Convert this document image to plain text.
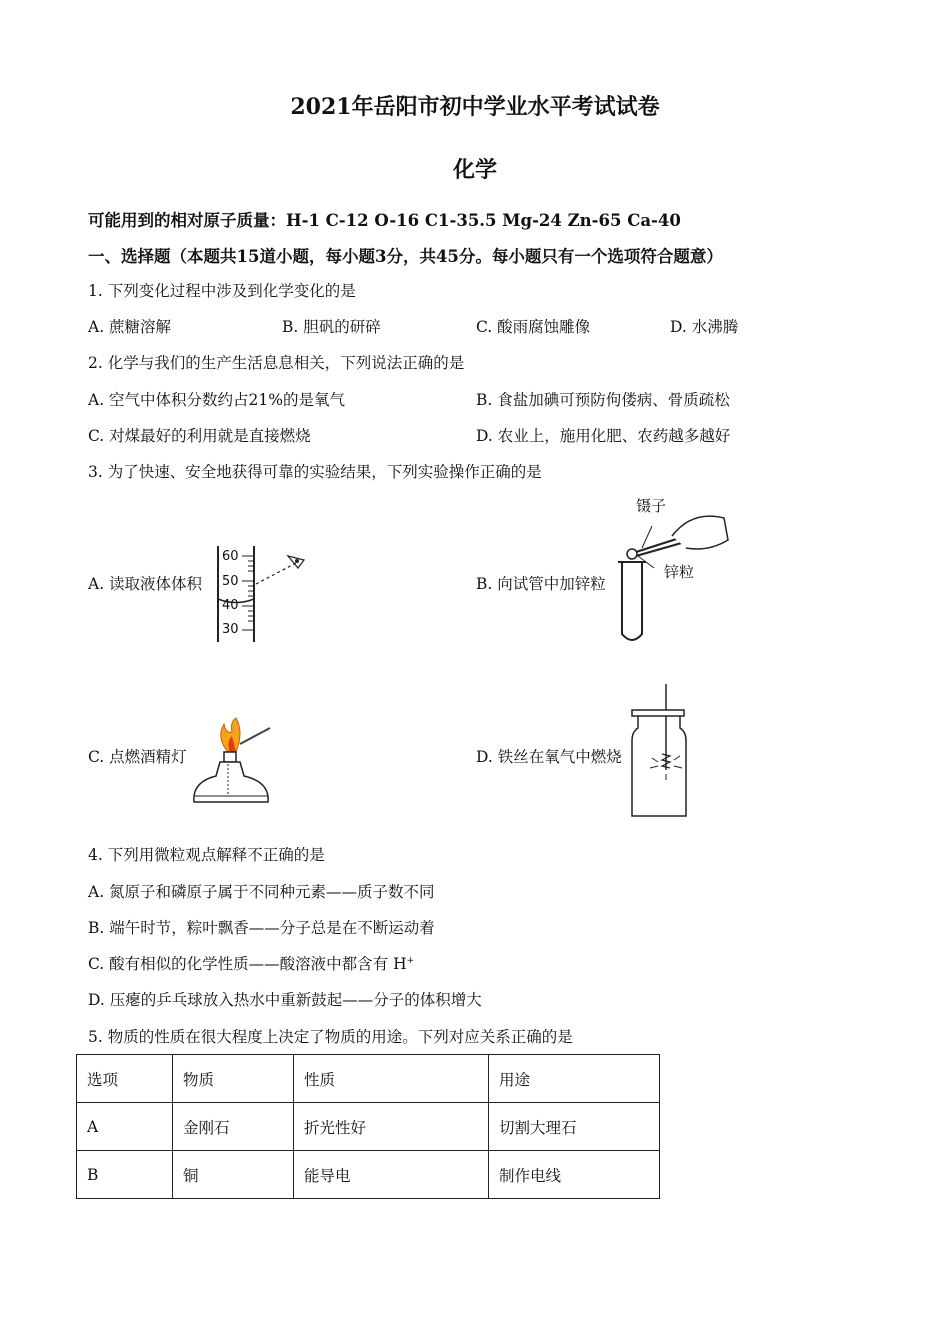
2021年岳阳市初中学业水平考试试卷
化学
可能用到的相对原子质量：H-1 C-12 O-16 C1-35.5 Mg-24 Zn-65 Ca-40
一、选择题（本题共15道小题，每小题3分，共45分。每小题只有一个选项符合题意）
1. 下列变化过程中涉及到化学变化的是
A. 蔗糖溶解	B. 胆矾的研碎	C. 酸雨腐蚀雕像	D. 水沸腾
2. 化学与我们的生产生活息息相关，下列说法正确的是
A. 空气中体积分数约占21%的是氧气	B. 食盐加碘可预防佝偻病、骨质疏松
C. 对煤最好的利用就是直接燃烧	D. 农业上，施用化肥、农药越多越好
3. 为了快速、安全地获得可靠的实验结果，下列实验操作正确的是
A. 读取液体体积
60
50
40
30
B. 向试管中加锌粒
镊子
锌粒
C. 点燃酒精灯	D. 铁丝在氧气中燃烧
4. 下列用微粒观点解释不正确的是
A. 氮原子和磷原子属于不同种元素——质子数不同
B. 端午时节，粽叶飘香——分子总是在不断运动着
C. 酸有相似的化学性质——酸溶液中都含有 H+
D. 压瘪的乒乓球放入热水中重新鼓起——分子的体积增大
5. 物质的性质在很大程度上决定了物质的用途。下列对应关系正确的是
选项	物质	性质	用途
A	金刚石	折光性好	切割大理石
B	铜	能导电	制作电线
